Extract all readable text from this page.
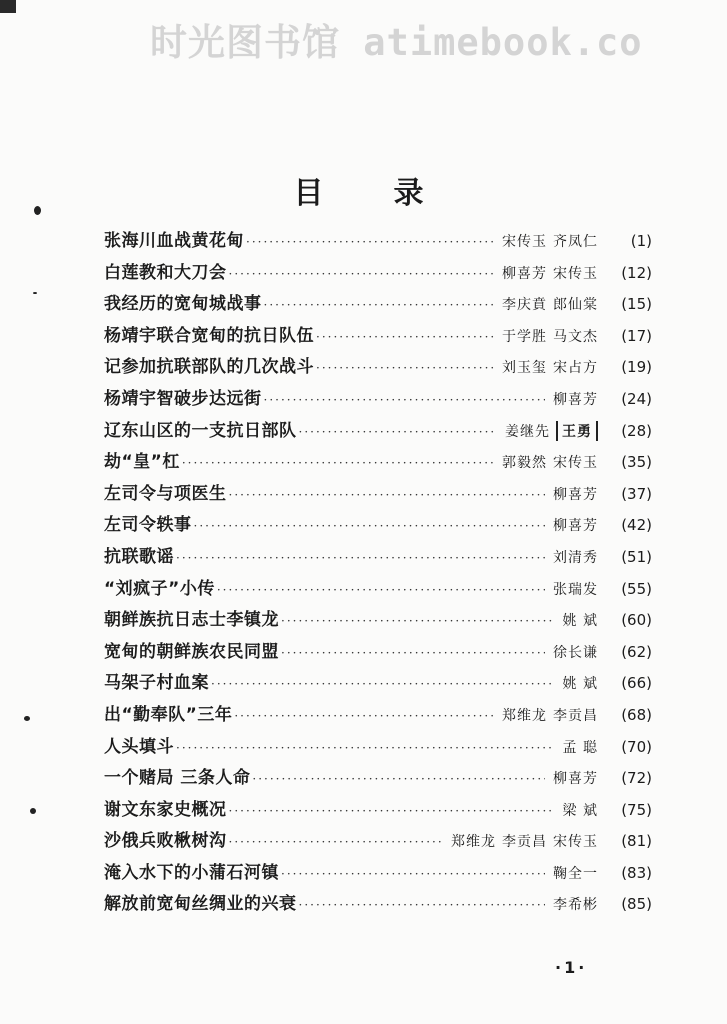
时光图书馆 atimebook.co
目录
张海川血战黄花甸 ·····	宋传玉 齐凤仁	(1)
白莲教和大刀会 ·····	柳喜芳 宋传玉	(12)
我经历的宽甸城战事 ·····	李庆賁 郎仙棠	(15)
杨靖宇联合宽甸的抗日队伍 ·····	于学胜 马文杰	(17)
记参加抗联部队的几次战斗 ·····	刘玉玺 宋占方	(19)
杨靖宇智破步达远街 ·····	柳喜芳	(24)
辽东山区的一支抗日部队 ·····	姜继先 王勇	(28)
劫“皇”杠 ·····	郭毅然 宋传玉	(35)
左司令与项医生 ·····	柳喜芳	(37)
左司令轶事 ·····	柳喜芳	(42)
抗联歌谣 ·····	刘清秀	(51)
“刘疯子”小传 ·····	张瑞发	(55)
朝鲜族抗日志士李镇龙 ·····	姚 斌	(60)
宽甸的朝鲜族农民同盟 ·····	徐长谦	(62)
马架子村血案 ·····	姚 斌	(66)
出“勤奉队”三年 ·····	郑维龙 李贡昌	(68)
人头填斗 ·····	孟 聪	(70)
一个赌局 三条人命 ·····	柳喜芳	(72)
谢文东家史概况 ·····	梁 斌	(75)
沙俄兵败楸树沟 ·····	郑维龙 李贡昌 宋传玉	(81)
淹入水下的小蒲石河镇 ·····	鞠全一	(83)
解放前宽甸丝绸业的兴衰 ·····	李希彬	(85)
·1·
